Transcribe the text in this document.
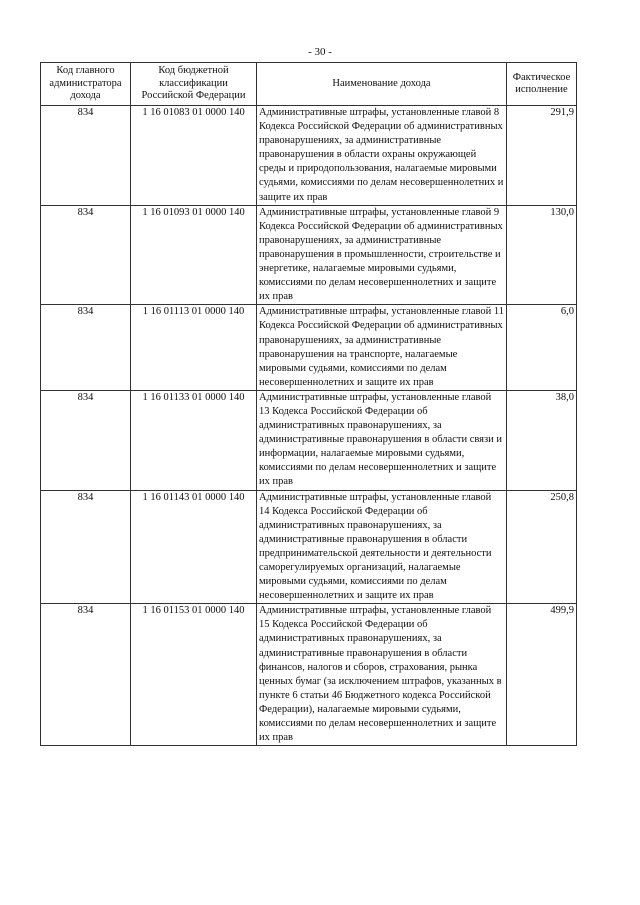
- 30 -
Код главного администратора дохода	Код бюджетной классификации Российской Федерации	Наименование дохода	Фактическое исполнение
834	1 16 01083 01 0000 140	Административные штрафы, установленные главой 8 Кодекса Российской Федерации об административных правонарушениях, за административные правонарушения в области охраны окружающей среды и природопользования, налагаемые мировыми судьями, комиссиями по делам несовершеннолетних и защите их прав	291,9
834	1 16 01093 01 0000 140	Административные штрафы, установленные главой 9 Кодекса Российской Федерации об административных правонарушениях, за административные правонарушения в промышленности, строительстве и энергетике, налагаемые мировыми судьями, комиссиями по делам несовершеннолетних и защите их прав	130,0
834	1 16 01113 01 0000 140	Административные штрафы, установленные главой 11 Кодекса Российской Федерации об административных правонарушениях, за административные правонарушения на транспорте, налагаемые мировыми судьями, комиссиями по делам несовершеннолетних и защите их прав	6,0
834	1 16 01133 01 0000 140	Административные штрафы, установленные главой 13 Кодекса Российской Федерации об административных правонарушениях, за административные правонарушения в области связи и информации, налагаемые мировыми судьями, комиссиями по делам несовершеннолетних и защите их прав	38,0
834	1 16 01143 01 0000 140	Административные штрафы, установленные главой 14 Кодекса Российской Федерации об административных правонарушениях, за административные правонарушения в области предпринимательской деятельности и деятельности саморегулируемых организаций, налагаемые мировыми судьями, комиссиями по делам несовершеннолетних и защите их прав	250,8
834	1 16 01153 01 0000 140	Административные штрафы, установленные главой 15 Кодекса Российской Федерации об административных правонарушениях, за административные правонарушения в области финансов, налогов и сборов, страхования, рынка ценных бумаг (за исключением штрафов, указанных в пункте 6 статьи 46 Бюджетного кодекса Российской Федерации), налагаемые мировыми судьями, комиссиями по делам несовершеннолетних и защите их прав	499,9
